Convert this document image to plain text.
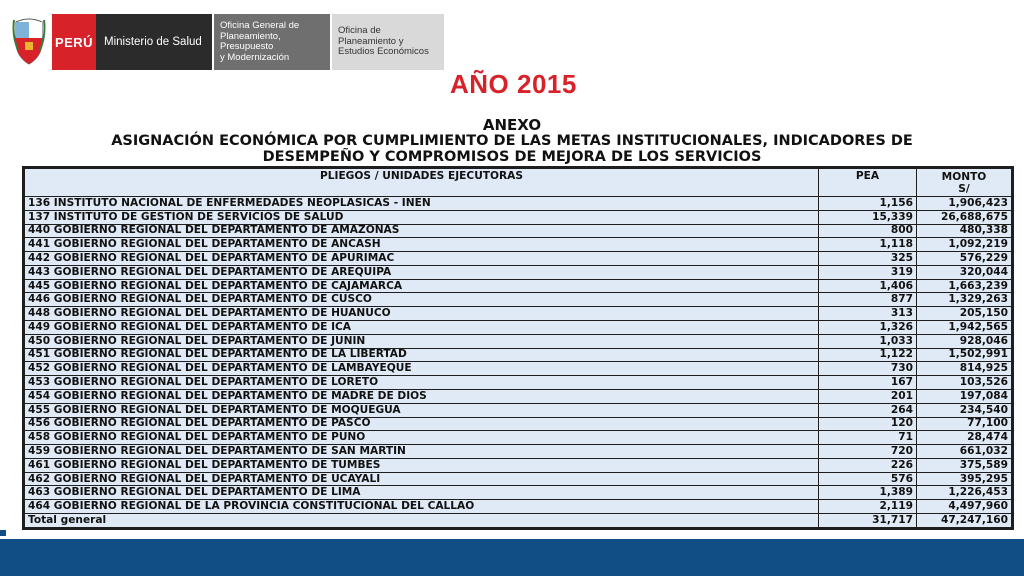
PERÚ Ministerio de Salud
Oficina General de
Planeamiento, Presupuesto
y Modernización
Oficina de Planeamiento y
Estudios Económicos
AÑO 2015
ANEXO
ASIGNACIÓN ECONÓMICA POR CUMPLIMIENTO DE LAS METAS INSTITUCIONALES, INDICADORES DE
DESEMPEÑO Y COMPROMISOS DE MEJORA DE LOS SERVICIOS
PLIEGOS / UNIDADES EJECUTORAS	PEA	MONTO
S/

136 INSTITUTO NACIONAL DE ENFERMEDADES NEOPLASICAS - INEN	1,156	1,906,423
137 INSTITUTO DE GESTION DE SERVICIOS DE SALUD	15,339	26,688,675
440 GOBIERNO REGIONAL DEL DEPARTAMENTO DE AMAZONAS	800	480,338
441 GOBIERNO REGIONAL DEL DEPARTAMENTO DE ANCASH	1,118	1,092,219
442 GOBIERNO REGIONAL DEL DEPARTAMENTO DE APURIMAC	325	576,229
443 GOBIERNO REGIONAL DEL DEPARTAMENTO DE AREQUIPA	319	320,044
445 GOBIERNO REGIONAL DEL DEPARTAMENTO DE CAJAMARCA	1,406	1,663,239
446 GOBIERNO REGIONAL DEL DEPARTAMENTO DE CUSCO	877	1,329,263
448 GOBIERNO REGIONAL DEL DEPARTAMENTO DE HUANUCO	313	205,150
449 GOBIERNO REGIONAL DEL DEPARTAMENTO DE ICA	1,326	1,942,565
450 GOBIERNO REGIONAL DEL DEPARTAMENTO DE JUNIN	1,033	928,046
451 GOBIERNO REGIONAL DEL DEPARTAMENTO DE LA LIBERTAD	1,122	1,502,991
452 GOBIERNO REGIONAL DEL DEPARTAMENTO DE LAMBAYEQUE	730	814,925
453 GOBIERNO REGIONAL DEL DEPARTAMENTO DE LORETO	167	103,526
454 GOBIERNO REGIONAL DEL DEPARTAMENTO DE MADRE DE DIOS	201	197,084
455 GOBIERNO REGIONAL DEL DEPARTAMENTO DE MOQUEGUA	264	234,540
456 GOBIERNO REGIONAL DEL DEPARTAMENTO DE PASCO	120	77,100
458 GOBIERNO REGIONAL DEL DEPARTAMENTO DE PUNO	71	28,474
459 GOBIERNO REGIONAL DEL DEPARTAMENTO DE SAN MARTIN	720	661,032
461 GOBIERNO REGIONAL DEL DEPARTAMENTO DE TUMBES	226	375,589
462 GOBIERNO REGIONAL DEL DEPARTAMENTO DE UCAYALI	576	395,295
463 GOBIERNO REGIONAL DEL DEPARTAMENTO DE LIMA	1,389	1,226,453
464 GOBIERNO REGIONAL DE LA PROVINCIA CONSTITUCIONAL DEL CALLAO	2,119	4,497,960
Total general	31,717	47,247,160
